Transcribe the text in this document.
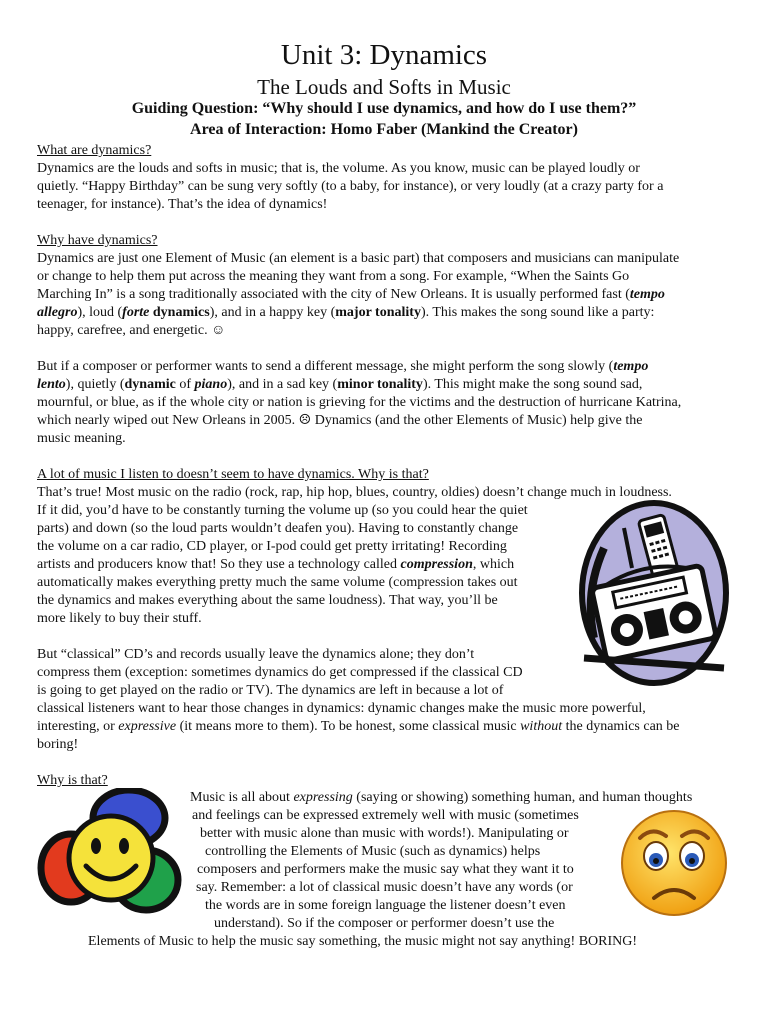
Unit 3: Dynamics
The Louds and Softs in Music
Guiding Question: “Why should I use dynamics, and how do I use them?”
Area of Interaction: Homo Faber (Mankind the Creator)
What are dynamics?
Dynamics are the louds and softs in music; that is, the volume. As you know, music can be played loudly or
quietly. “Happy Birthday” can be sung very softly (to a baby, for instance), or very loudly (at a crazy party for a
teenager, for instance). That’s the idea of dynamics!
Why have dynamics?
Dynamics are just one Element of Music (an element is a basic part) that composers and musicians can manipulate
or change to help them put across the meaning they want from a song. For example, “When the Saints Go
Marching In” is a song traditionally associated with the city of New Orleans. It is usually performed fast (tempo
allegro), loud (forte dynamics), and in a happy key (major tonality). This makes the song sound like a party:
happy, carefree, and energetic. ☺
But if a composer or performer wants to send a different message, she might perform the song slowly (tempo
lento), quietly (dynamic of piano), and in a sad key (minor tonality). This might make the song sound sad,
mournful, or blue, as if the whole city or nation is grieving for the victims and the destruction of hurricane Katrina,
which nearly wiped out New Orleans in 2005. ☹ Dynamics (and the other Elements of Music) help give the
music meaning.
A lot of music I listen to doesn’t seem to have dynamics. Why is that?
That’s true! Most music on the radio (rock, rap, hip hop, blues, country, oldies) doesn’t change much in loudness.
If it did, you’d have to be constantly turning the volume up (so you could hear the quiet
parts) and down (so the loud parts wouldn’t deafen you). Having to constantly change
the volume on a car radio, CD player, or I-pod could get pretty irritating! Recording
artists and producers know that! So they use a technology called compression, which
automatically makes everything pretty much the same volume (compression takes out
the dynamics and makes everything about the same loudness). That way, you’ll be
more likely to buy their stuff.
But “classical” CD’s and records usually leave the dynamics alone; they don’t
compress them (exception: sometimes dynamics do get compressed if the classical CD
is going to get played on the radio or TV). The dynamics are left in because a lot of
classical listeners want to hear those changes in dynamics: dynamic changes make the music more powerful,
interesting, or expressive (it means more to them). To be honest, some classical music without the dynamics can be
boring!
Why is that?
Music is all about expressing (saying or showing) something human, and human thoughts
and feelings can be expressed extremely well with music (sometimes
better with music alone than music with words!). Manipulating or
controlling the Elements of Music (such as dynamics) helps
composers and performers make the music say what they want it to
say. Remember: a lot of classical music doesn’t have any words (or
the words are in some foreign language the listener doesn’t even
understand). So if the composer or performer doesn’t use the
Elements of Music to help the music say something, the music might not say anything! BORING!
